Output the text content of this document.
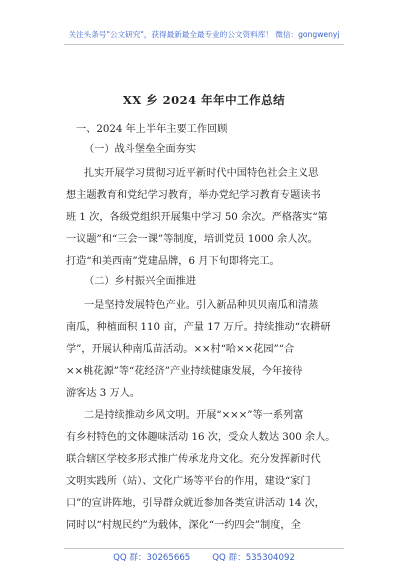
关注头条号"公文研究"，获得最新最全最专业的公文资料库！ 微信：gongwenyj
XX 乡 2024 年年中工作总结
一、2024 年上半年主要工作回顾
（一）战斗堡垒全面夯实
扎实开展学习贯彻习近平新时代中国特色社会主义思
想主题教育和党纪学习教育，举办党纪学习教育专题读书
班 1 次，各级党组织开展集中学习 50 余次。严格落实“第
一议题”和“三会一课”等制度，培训党员 1000 余人次。
打造“和美西南”党建品牌，6 月下旬即将完工。
（二）乡村振兴全面推进
一是坚持发展特色产业。引入新品种贝贝南瓜和清蒸
南瓜，种植面积 110 亩，产量 17 万斤。持续推动“农耕研
学”，开展认种南瓜苗活动。××村“哈××花园”“合
××桃花源”等“花经济”产业持续健康发展，今年接待
游客达 3 万人。
二是持续推动乡风文明。开展“×××”等一系列富
有乡村特色的文体趣味活动 16 次，受众人数达 300 余人。
联合辖区学校多形式推广传承龙舟文化。充分发挥新时代
文明实践所（站）、文化广场等平台的作用，建设“家门
口”的宣讲阵地，引导群众就近参加各类宣讲活动 14 次，
同时以“村规民约”为载体，深化“一约四会”制度，全
QQ 群：30265665	QQ 群：535304092
